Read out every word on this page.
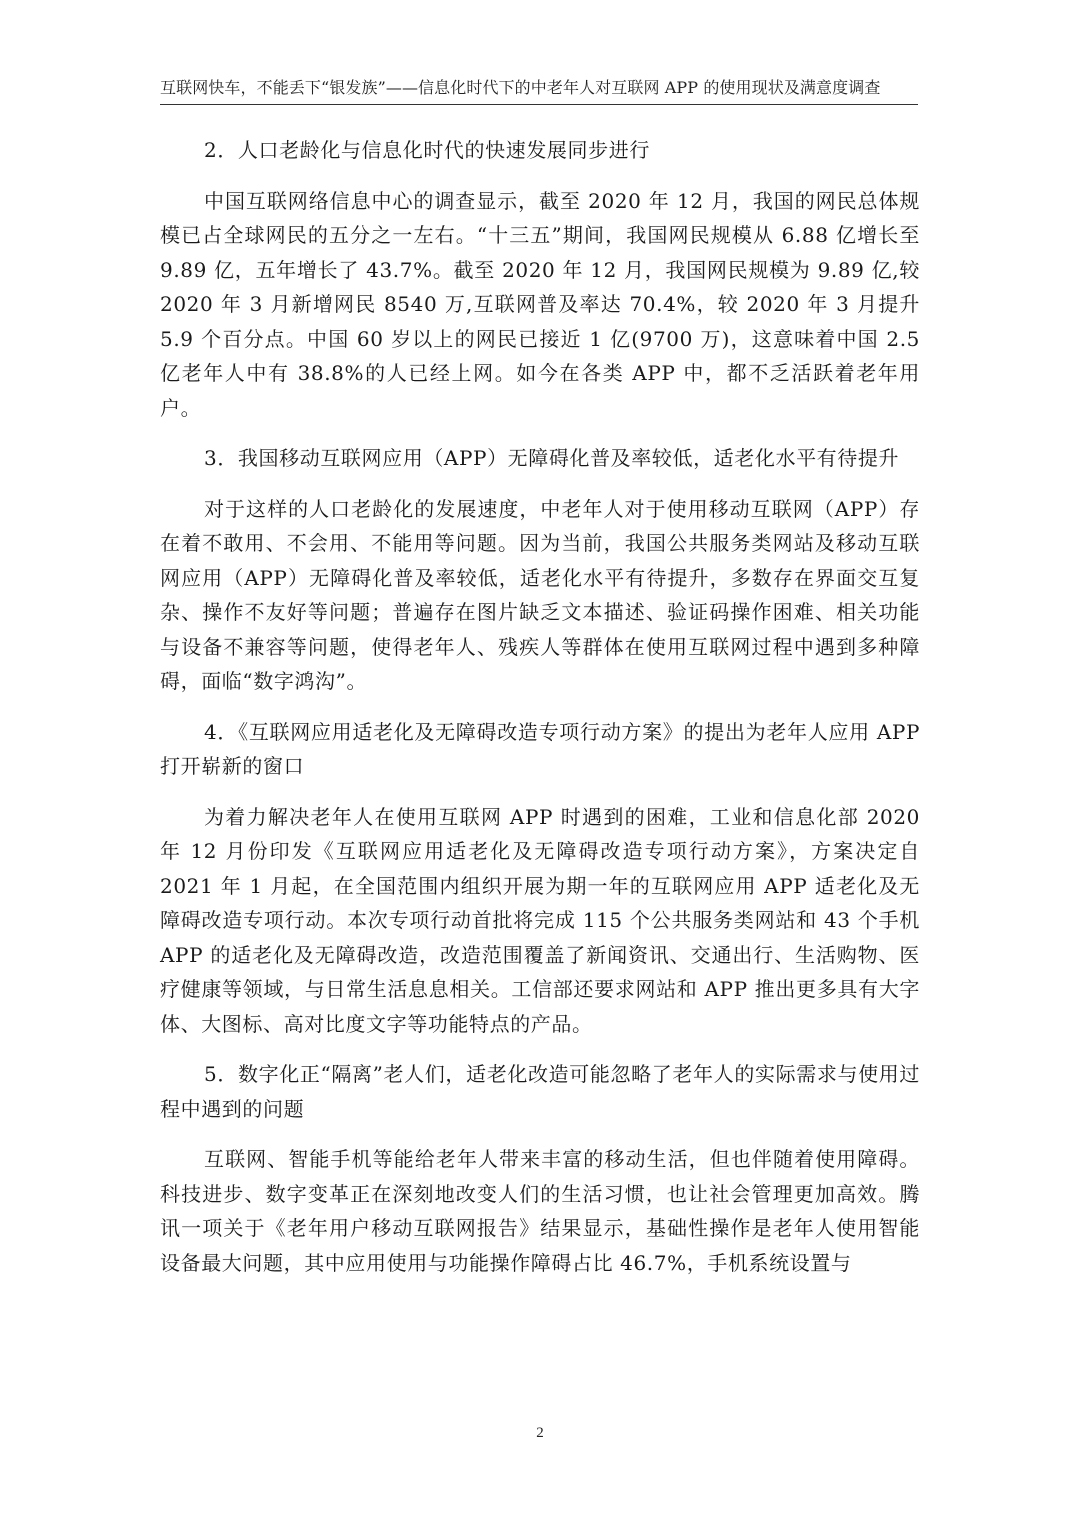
互联网快车，不能丢下“银发族”——信息化时代下的中老年人对互联网 APP 的使用现状及满意度调查

2．人口老龄化与信息化时代的快速发展同步进行

中国互联网络信息中心的调查显示，截至 2020 年 12 月，我国的网民总体规模已占全球网民的五分之一左右。“十三五”期间，我国网民规模从 6.88 亿增长至 9.89 亿，五年增长了 43.7%。截至 2020 年 12 月，我国网民规模为 9.89 亿,较 2020 年 3 月新增网民 8540 万,互联网普及率达 70.4%，较 2020 年 3 月提升 5.9 个百分点。中国 60 岁以上的网民已接近 1 亿(9700 万)，这意味着中国 2.5 亿老年人中有 38.8%的人已经上网。如今在各类 APP 中，都不乏活跃着老年用户。

3．我国移动互联网应用（APP）无障碍化普及率较低，适老化水平有待提升

对于这样的人口老龄化的发展速度，中老年人对于使用移动互联网（APP）存在着不敢用、不会用、不能用等问题。因为当前，我国公共服务类网站及移动互联网应用（APP）无障碍化普及率较低，适老化水平有待提升，多数存在界面交互复杂、操作不友好等问题；普遍存在图片缺乏文本描述、验证码操作困难、相关功能与设备不兼容等问题，使得老年人、残疾人等群体在使用互联网过程中遇到多种障碍，面临“数字鸿沟”。

4．《互联网应用适老化及无障碍改造专项行动方案》的提出为老年人应用 APP 打开崭新的窗口

为着力解决老年人在使用互联网 APP 时遇到的困难，工业和信息化部 2020 年 12 月份印发《互联网应用适老化及无障碍改造专项行动方案》，方案决定自 2021 年 1 月起，在全国范围内组织开展为期一年的互联网应用 APP 适老化及无障碍改造专项行动。本次专项行动首批将完成 115 个公共服务类网站和 43 个手机 APP 的适老化及无障碍改造，改造范围覆盖了新闻资讯、交通出行、生活购物、医疗健康等领域，与日常生活息息相关。工信部还要求网站和 APP 推出更多具有大字体、大图标、高对比度文字等功能特点的产品。

5．数字化正“隔离”老人们，适老化改造可能忽略了老年人的实际需求与使用过程中遇到的问题

互联网、智能手机等能给老年人带来丰富的移动生活，但也伴随着使用障碍。科技进步、数字变革正在深刻地改变人们的生活习惯，也让社会管理更加高效。腾讯一项关于《老年用户移动互联网报告》结果显示，基础性操作是老年人使用智能设备最大问题，其中应用使用与功能操作障碍占比 46.7%，手机系统设置与

2
